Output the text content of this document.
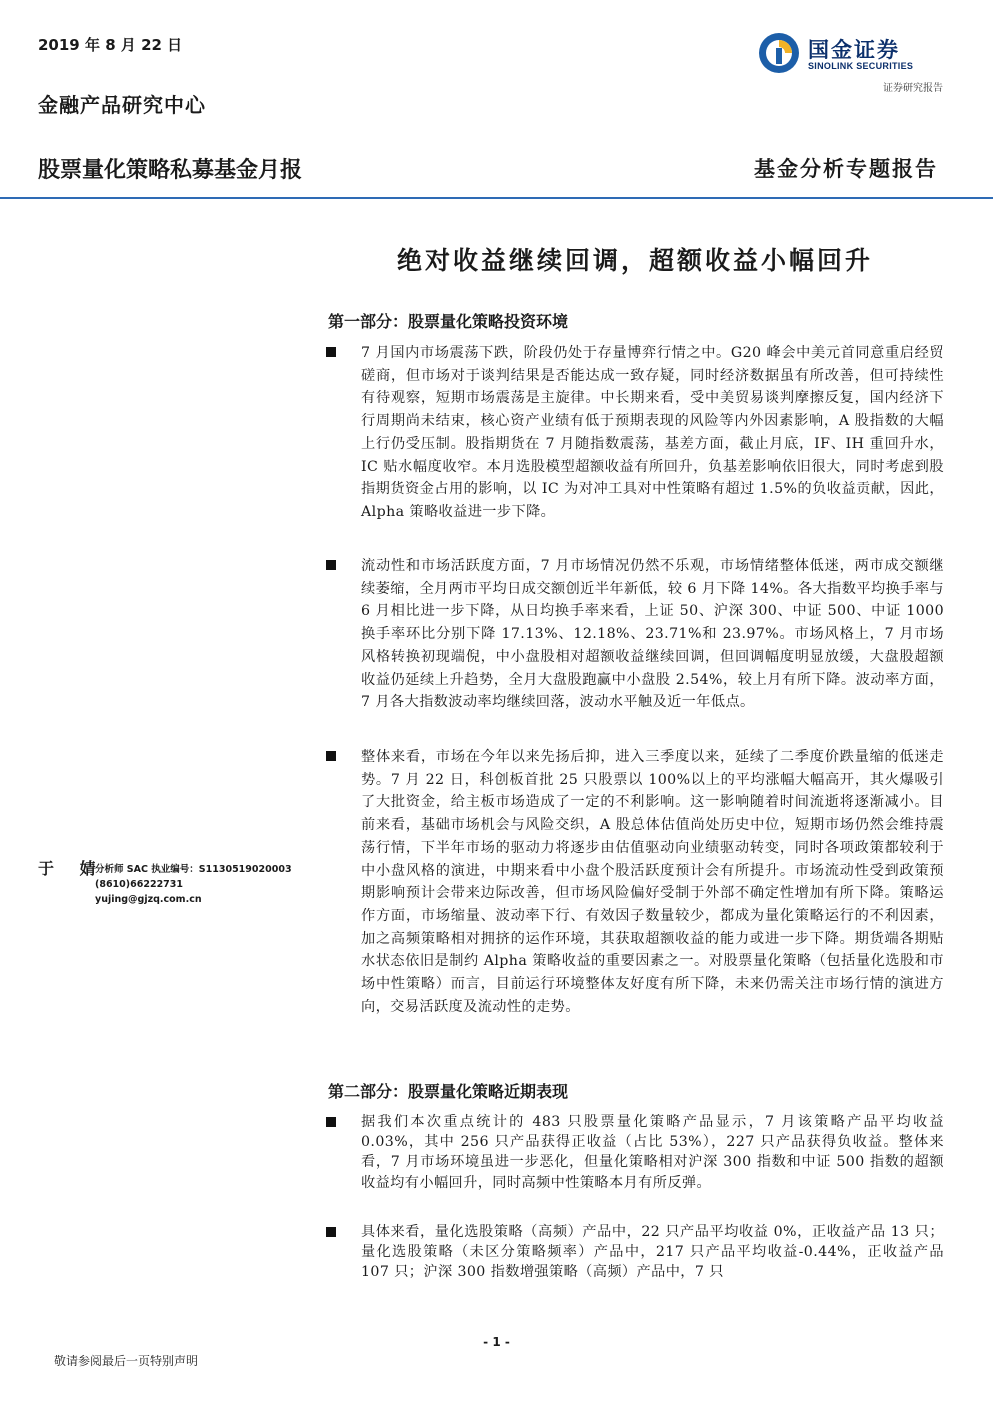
2019 年 8 月 22 日
金融产品研究中心
股票量化策略私募基金月报	基金分析专题报告
国金证券
SINOLINK SECURITIES
证券研究报告
绝对收益继续回调，超额收益小幅回升
第一部分：股票量化策略投资环境

7 月国内市场震荡下跌，阶段仍处于存量博弈行情之中。G20 峰会中美元首同意重启经贸磋商，但市场对于谈判结果是否能达成一致存疑，同时经济数据虽有所改善，但可持续性有待观察，短期市场震荡是主旋律。中长期来看，受中美贸易谈判摩擦反复，国内经济下行周期尚未结束，核心资产业绩有低于预期表现的风险等内外因素影响，A 股指数的大幅上行仍受压制。股指期货在 7 月随指数震荡，基差方面，截止月底，IF、IH 重回升水，IC 贴水幅度收窄。本月选股模型超额收益有所回升，负基差影响依旧很大，同时考虑到股指期货资金占用的影响，以 IC 为对冲工具对中性策略有超过 1.5%的负收益贡献，因此，Alpha 策略收益进一步下降。

流动性和市场活跃度方面，7 月市场情况仍然不乐观，市场情绪整体低迷，两市成交额继续萎缩，全月两市平均日成交额创近半年新低，较 6 月下降 14%。各大指数平均换手率与 6 月相比进一步下降，从日均换手率来看，上证 50、沪深 300、中证 500、中证 1000 换手率环比分别下降 17.13%、12.18%、23.71%和 23.97%。市场风格上，7 月市场风格转换初现端倪，中小盘股相对超额收益继续回调，但回调幅度明显放缓，大盘股超额收益仍延续上升趋势，全月大盘股跑赢中小盘股 2.54%，较上月有所下降。波动率方面，7 月各大指数波动率均继续回落，波动水平触及近一年低点。

整体来看，市场在今年以来先扬后抑，进入三季度以来，延续了二季度价跌量缩的低迷走势。7 月 22 日，科创板首批 25 只股票以 100%以上的平均涨幅大幅高开，其火爆吸引了大批资金，给主板市场造成了一定的不利影响。这一影响随着时间流逝将逐渐减小。目前来看，基础市场机会与风险交织，A 股总体估值尚处历史中位，短期市场仍然会维持震荡行情，下半年市场的驱动力将逐步由估值驱动向业绩驱动转变，同时各项政策都较利于中小盘风格的演进，中期来看中小盘个股活跃度预计会有所提升。市场流动性受到政策预期影响预计会带来边际改善，但市场风险偏好受制于外部不确定性增加有所下降。策略运作方面，市场缩量、波动率下行、有效因子数量较少，都成为量化策略运行的不利因素，加之高频策略相对拥挤的运作环境，其获取超额收益的能力或进一步下降。期货端各期贴水状态依旧是制约 Alpha 策略收益的重要因素之一。对股票量化策略（包括量化选股和市场中性策略）而言，目前运行环境整体友好度有所下降，未来仍需关注市场行情的演进方向，交易活跃度及流动性的走势。

第二部分：股票量化策略近期表现

据我们本次重点统计的 483 只股票量化策略产品显示，7 月该策略产品平均收益 0.03%，其中 256 只产品获得正收益（占比 53%），227 只产品获得负收益。整体来看，7 月市场环境虽进一步恶化，但量化策略相对沪深 300 指数和中证 500 指数的超额收益均有小幅回升，同时高频中性策略本月有所反弹。

具体来看，量化选股策略（高频）产品中，22 只产品平均收益 0%，正收益产品 13 只；量化选股策略（未区分策略频率）产品中，217 只产品平均收益-0.44%，正收益产品 107 只；沪深 300 指数增强策略（高频）产品中，7 只

于 婧
分析师 SAC 执业编号：S1130519020003
(8610)66222731
yujing@gjzq.com.cn
- 1 -
敬请参阅最后一页特别声明
